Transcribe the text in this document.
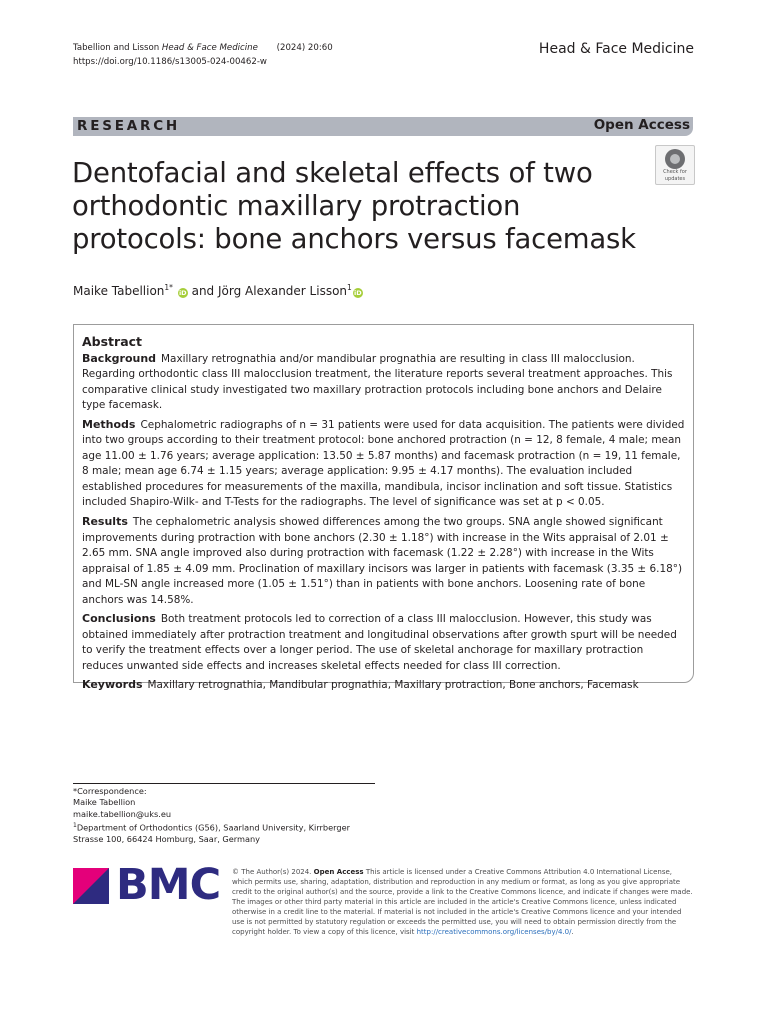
Tabellion and Lisson Head & Face Medicine (2024) 20:60
https://doi.org/10.1186/s13005-024-00462-w
Head & Face Medicine
RESEARCH	Open Access
Check for
updates
Dentofacial and skeletal effects of two orthodontic maxillary protraction protocols: bone anchors versus facemask
Maike Tabellion$^{1*}$ iD and Jörg Alexander Lisson$^1$iD
Abstract

Background Maxillary retrognathia and/or mandibular prognathia are resulting in class III malocclusion. Regarding orthodontic class III malocclusion treatment, the literature reports several treatment approaches. This comparative clinical study investigated two maxillary protraction protocols including bone anchors and Delaire type facemask.

Methods Cephalometric radiographs of n = 31 patients were used for data acquisition. The patients were divided into two groups according to their treatment protocol: bone anchored protraction (n = 12, 8 female, 4 male; mean age 11.00 ± 1.76 years; average application: 13.50 ± 5.87 months) and facemask protraction (n = 19, 11 female, 8 male; mean age 6.74 ± 1.15 years; average application: 9.95 ± 4.17 months). The evaluation included established procedures for measurements of the maxilla, mandibula, incisor inclination and soft tissue. Statistics included Shapiro-Wilk- and T-Tests for the radiographs. The level of significance was set at p < 0.05.

Results The cephalometric analysis showed differences among the two groups. SNA angle showed significant improvements during protraction with bone anchors (2.30 ± 1.18°) with increase in the Wits appraisal of 2.01 ± 2.65 mm. SNA angle improved also during protraction with facemask (1.22 ± 2.28°) with increase in the Wits appraisal of 1.85 ± 4.09 mm. Proclination of maxillary incisors was larger in patients with facemask (3.35 ± 6.18°) and ML-SN angle increased more (1.05 ± 1.51°) than in patients with bone anchors. Loosening rate of bone anchors was 14.58%.

Conclusions Both treatment protocols led to correction of a class III malocclusion. However, this study was obtained immediately after protraction treatment and longitudinal observations after growth spurt will be needed to verify the treatment effects over a longer period. The use of skeletal anchorage for maxillary protraction reduces unwanted side effects and increases skeletal effects needed for class III correction.

Keywords Maxillary retrognathia, Mandibular prognathia, Maxillary protraction, Bone anchors, Facemask

*Correspondence:
Maike Tabellion
maike.tabellion@uks.eu
$^1$Department of Orthodontics (G56), Saarland University, Kirrberger
Strasse 100, 66424 Homburg, Saar, Germany
BMC © The Author(s) 2024. Open Access This article is licensed under a Creative Commons Attribution 4.0 International License, which permits use, sharing, adaptation, distribution and reproduction in any medium or format, as long as you give appropriate credit to the original author(s) and the source, provide a link to the Creative Commons licence, and indicate if changes were made. The images or other third party material in this article are included in the article's Creative Commons licence, unless indicated otherwise in a credit line to the material. If material is not included in the article's Creative Commons licence and your intended use is not permitted by statutory regulation or exceeds the permitted use, you will need to obtain permission directly from the copyright holder. To view a copy of this licence, visit http://creativecommons.org/licenses/by/4.0/.
